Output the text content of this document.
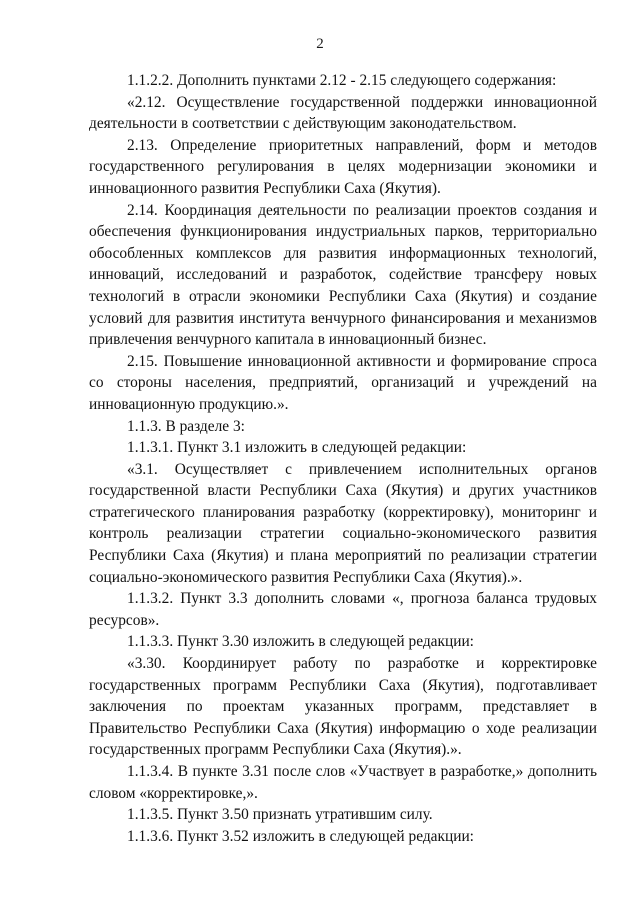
2

1.1.2.2. Дополнить пунктами 2.12 - 2.15 следующего содержания:

«2.12. Осуществление государственной поддержки инновационной деятельности в соответствии с действующим законодательством.

2.13. Определение приоритетных направлений, форм и методов государственного регулирования в целях модернизации экономики и инновационного развития Республики Саха (Якутия).

2.14. Координация деятельности по реализации проектов создания и обеспечения функционирования индустриальных парков, территориально обособленных комплексов для развития информационных технологий, инноваций, исследований и разработок, содействие трансферу новых технологий в отрасли экономики Республики Саха (Якутия) и создание условий для развития института венчурного финансирования и механизмов привлечения венчурного капитала в инновационный бизнес.

2.15. Повышение инновационной активности и формирование спроса со стороны населения, предприятий, организаций и учреждений на инновационную продукцию.».

1.1.3. В разделе 3:

1.1.3.1. Пункт 3.1 изложить в следующей редакции:

«3.1. Осуществляет с привлечением исполнительных органов государственной власти Республики Саха (Якутия) и других участников стратегического планирования разработку (корректировку), мониторинг и контроль реализации стратегии социально-экономического развития Республики Саха (Якутия) и плана мероприятий по реализации стратегии социально-экономического развития Республики Саха (Якутия).».

1.1.3.2. Пункт 3.3 дополнить словами «, прогноза баланса трудовых ресурсов».

1.1.3.3. Пункт 3.30 изложить в следующей редакции:

«3.30. Координирует работу по разработке и корректировке государственных программ Республики Саха (Якутия), подготавливает заключения по проектам указанных программ, представляет в Правительство Республики Саха (Якутия) информацию о ходе реализации государственных программ Республики Саха (Якутия).».

1.1.3.4. В пункте 3.31 после слов «Участвует в разработке,» дополнить словом «корректировке,».

1.1.3.5. Пункт 3.50 признать утратившим силу.

1.1.3.6. Пункт 3.52 изложить в следующей редакции:
